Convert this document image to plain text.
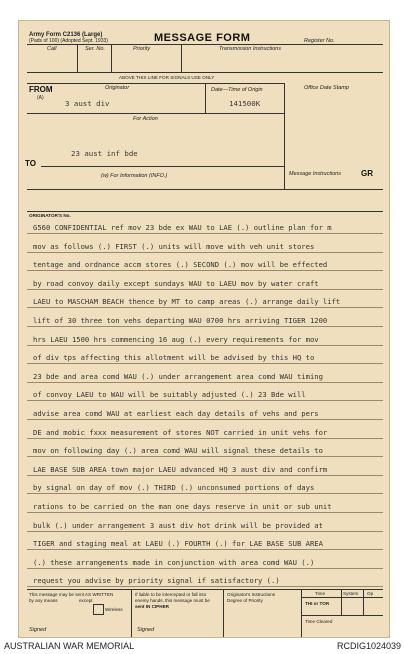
Army Form C2136 (Large)
(Pads of 100) (Adopted Sept. 1933)	MESSAGE FORM	Register No.
Call	Ser. No.	Priority	Transmission Instructions
ABOVE THIS LINE FOR SIGNALS USE ONLY
FROM
(A)
Originator
3 aust div
Date—Time of Origin
141500K
Office Date Stamp
For Action
23 aust inf bde
TO
(w) For Information (INFO.)	Message Instructions	GR
ORIGINATOR'S No.
G560 CONFIDENTIAL ref mov 23 bde ex WAU to LAE (.) outline plan for m
mov as follows (.) FIRST (.) units will move with veh unit stores
tentage and ordnance accm stores (.) SECOND (.) mov will be effected
by road convoy daily except sundays WAU to LAEU mov by water craft
LAEU to MASCHAM BEACH thence by MT to camp areas (.) arrange daily lift
lift of 30 three ton vehs departing WAU 0700 hrs arriving TIGER 1200
hrs LAEU 1500 hrs commencing 16 aug (.) every requirements for mov
of div tps affecting this allotment will be advised by this HQ to
23 bde and area comd WAU (.) under arrangement area comd WAU timing
of convoy LAEU to WAU will be suitably adjusted (.) 23 Bde will
advise area comd WAU at earliest each day details of vehs and pers
DE and mobic fxxx measurement of stores NOT carried in unit vehs for
mov on following day (.) area comd WAU will signal these details to
LAE BASE SUB AREA town major LAEU advanced HQ 3 aust div and confirm
by signal on day of mov (.) THIRD (.) unconsumed portions of days
rations to be carried on the man one days reserve in unit or sub unit
bulk (.) under arrangement 3 aust div hot drink will be provided at
TIGER and staging meal at LAEU (.) FOURTH (.) for LAE BASE SUB AREA
(.) these arrangements made in conjunction with area comd WAU (.)
request you advise by priority signal if satisfactory (.)
This message may be sent AS WRITTEN
by any means	except
Wireless
Signed
If liable to be intercepted or fall into
enemy hands, this message must be
sent IN CIPHER
Signed
Originator's Instructions
Degree of Priority
Time	System Op
THI or TOR
Time Cleared
AUSTRALIAN WAR MEMORIAL	RCDIG1024039
